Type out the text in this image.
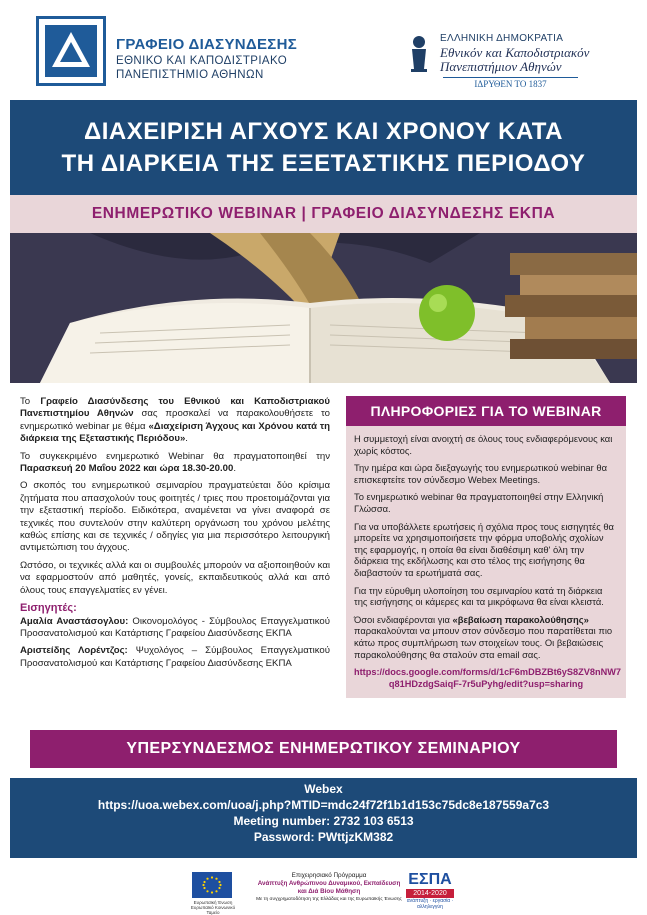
ΓΡΑΦΕΙΟ ΔΙΑΣΥΝΔΕΣΗΣ
ΕΘΝΙΚΟ ΚΑΙ ΚΑΠΟΔΙΣΤΡΙΑΚΟ
ΠΑΝΕΠΙΣΤΗΜΙΟ ΑΘΗΝΩΝ
ΕΛΛΗΝΙΚΗ ΔΗΜΟΚΡΑΤΙΑ
Εθνικόν και Καποδιστριακόν
Πανεπιστήμιον Αθηνών
ΙΔΡΥΘΕΝ ΤΟ 1837
ΔΙΑΧΕΙΡΙΣΗ ΑΓΧΟΥΣ ΚΑΙ ΧΡΟΝΟΥ ΚΑΤΑ
ΤΗ ΔΙΑΡΚΕΙΑ ΤΗΣ ΕΞΕΤΑΣΤΙΚΗΣ ΠΕΡΙΟΔΟΥ
ΕΝΗΜΕΡΩΤΙΚΟ WEBINAR | ΓΡΑΦΕΙΟ ΔΙΑΣΥΝΔΕΣΗΣ ΕΚΠΑ

Το Γραφείο Διασύνδεσης του Εθνικού και Καποδιστριακού Πανεπιστημίου Αθηνών σας προσκαλεί να παρακολουθήσετε το ενημερωτικό webinar με θέμα «Διαχείριση Άγχους και Χρόνου κατά τη διάρκεια της Εξεταστικής Περιόδου».

Το συγκεκριμένο ενημερωτικό Webinar θα πραγματοποιηθεί την Παρασκευή 20 Μαΐου 2022 και ώρα 18.30-20.00.

Ο σκοπός του ενημερωτικού σεμιναρίου πραγματεύεται δύο κρίσιμα ζητήματα που απασχολούν τους φοιτητές / τριες που προετοιμάζονται για την εξεταστική περίοδο. Ειδικότερα, αναμένεται να γίνει αναφορά σε τεχνικές που συντελούν στην καλύτερη οργάνωση του χρόνου μελέτης καθώς επίσης και σε τεχνικές / οδηγίες για μια περισσότερο λειτουργική αντιμετώπιση του άγχους.

Ωστόσο, οι τεχνικές αλλά και οι συμβουλές μπορούν να αξιοποιηθούν και να εφαρμοστούν από μαθητές, γονείς, εκπαιδευτικούς αλλά και από όλους τους επαγγελματίες εν γένει.

Εισηγητές:

Αμαλία Αναστάσογλου: Οικονομολόγος - Σύμβουλος Επαγγελματικού Προσανατολισμού και Κατάρτισης Γραφείου Διασύνδεσης ΕΚΠΑ

Αριστείδης Λορέντζος: Ψυχολόγος – Σύμβουλος Επαγγελματικού Προσανατολισμού και Κατάρτισης Γραφείου Διασύνδεσης ΕΚΠΑ

ΠΛΗΡΟΦΟΡΙΕΣ ΓΙΑ ΤΟ WEBINAR

Η συμμετοχή είναι ανοιχτή σε όλους τους ενδιαφερόμενους και χωρίς κόστος.

Την ημέρα και ώρα διεξαγωγής του ενημερωτικού webinar θα επισκεφτείτε τον σύνδεσμο Webex Meetings.

Το ενημερωτικό webinar θα πραγματοποιηθεί στην Ελληνική Γλώσσα.

Για να υποβάλλετε ερωτήσεις ή σχόλια προς τους εισηγητές θα μπορείτε να χρησιμοποιήσετε την φόρμα υποβολής σχολίων της εφαρμογής, η οποία θα είναι διαθέσιμη καθ' όλη την διάρκεια της εκδήλωσης και στο τέλος της εισήγησης θα διαβαστούν τα ερωτήματά σας.

Για την εύρυθμη υλοποίηση του σεμιναρίου κατά τη διάρκεια της εισήγησης οι κάμερες και τα μικρόφωνα θα είναι κλειστά.

Όσοι ενδιαφέρονται για «βεβαίωση παρακολούθησης» παρακαλούνται να μπουν στον σύνδεσμο που παρατίθεται πιο κάτω προς συμπλήρωση των στοιχείων τους. Οι βεβαιώσεις παρακολούθησης θα σταλούν στα email σας.

https://docs.google.com/forms/d/1cF6mDBZBt6yS8ZV8nNW7
q81HDzdgSaiqF-7r5uPyhg/edit?usp=sharing
ΥΠΕΡΣΥΝΔΕΣΜΟΣ ΕΝΗΜΕΡΩΤΙΚΟΥ ΣΕΜΙΝΑΡΙΟΥ
Webex
https://uoa.webex.com/uoa/j.php?MTID=mdc24f72f1b1d153c75dc8e187559a7c3
Meeting number: 2732 103 6513
Password: PWttjzKM382
Ευρωπαϊκή Ένωση Ευρωπαϊκό Κοινωνικό Ταμείο
Επιχειρησιακό Πρόγραμμα
Ανάπτυξη Ανθρώπινου Δυναμικού, Εκπαίδευση και Διά Βίου Μάθηση
Με τη συγχρηματοδότηση της Ελλάδας και της Ευρωπαϊκής Ένωσης
ΕΣΠΑ
2014-2020
ανάπτυξη · εργασία · αλληλεγγύη
